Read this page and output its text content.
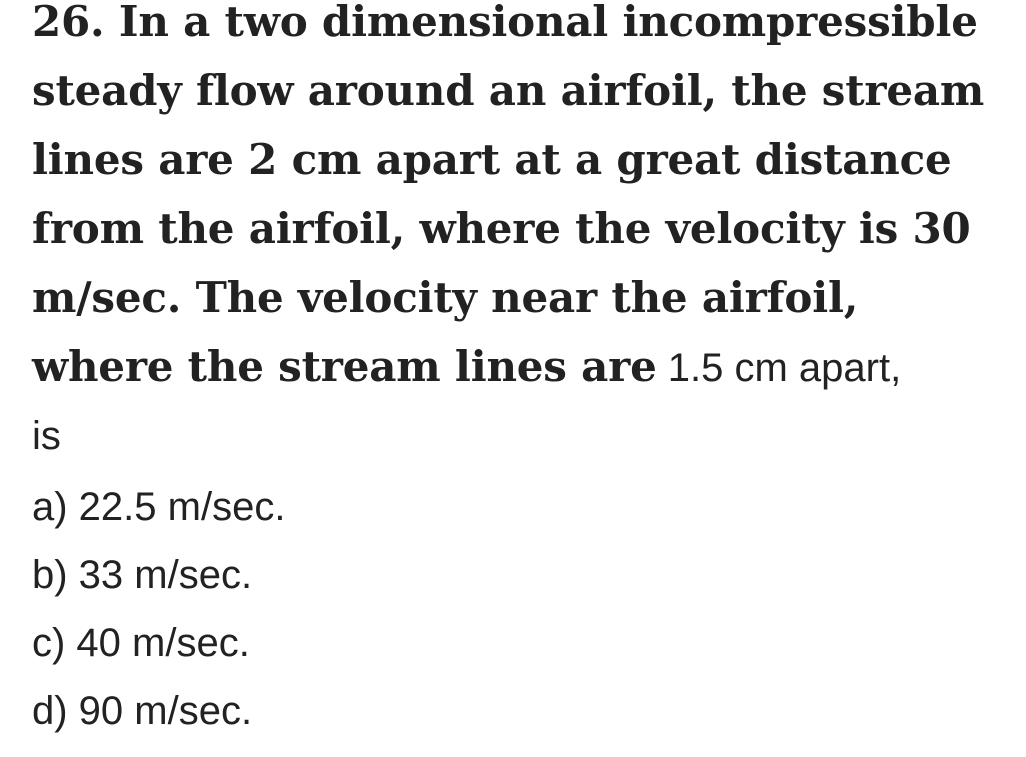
26. In a two dimensional incompressible
steady flow around an airfoil, the stream
lines are 2 cm apart at a great distance
from the airfoil, where the velocity is 30
m/sec. The velocity near the airfoil,
where the stream lines are 1.5 cm apart,
is
a) 22.5 m/sec.
b) 33 m/sec.
c) 40 m/sec.
d) 90 m/sec.
